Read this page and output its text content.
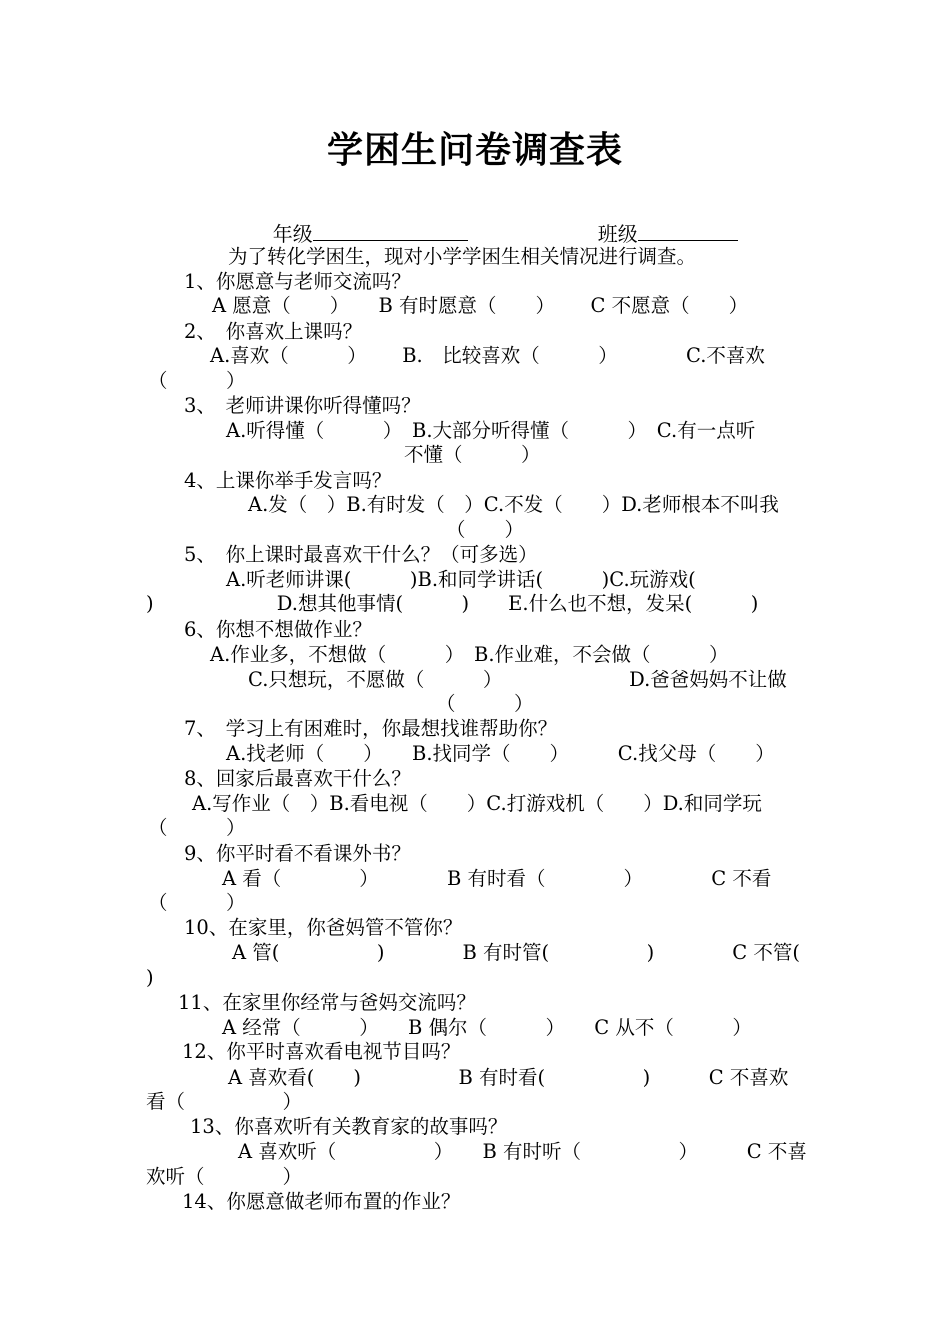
学困生问卷调查表

年级	班级

为了转化学困生，现对小学学困生相关情况进行调查。
1、你愿意与老师交流吗？
A 愿意（　　）　　B 有时愿意（　　）　　 C 不愿意（　　）
2、　你喜欢上课吗？
A.喜欢（　　　）　　 B.　比较喜欢（　　　）　　　　C.不喜欢
（　　　）
3、　老师讲课你听得懂吗？
A.听得懂（　　　）　B.大部分听得懂（　　　）　C.有一点听
不懂（　　　）
4、上课你举手发言吗？
A.发（　）B.有时发（　）C.不发（　　）D.老师根本不叫我
（　　）
5、　你上课时最喜欢干什么？（可多选）
A.听老师讲课(　　　)B.和同学讲话(　　　)C.玩游戏(
)　　　　　　 D.想其他事情(　　　)　　E.什么也不想，发呆(　　　)
6、你想不想做作业？
A.作业多，不想做（　　　）　B.作业难，不会做（　　　）
C.只想玩，不愿做（　　　）　　　　　　　D.爸爸妈妈不让做
（　　　）
7、　学习上有困难时，你最想找谁帮助你？
A.找老师（　　）　　B.找同学（　　）　　　C.找父母（　　）
8、回家后最喜欢干什么？
A.写作业（　）B.看电视（　　）C.打游戏机（　　）D.和同学玩
（　　　）
9、你平时看不看课外书？
A 看（　　　　）　　　　B 有时看（　　　　）　　　　C 不看
（　　　）
10、在家里，你爸妈管不管你？
A 管(　　　　　)　　　　B 有时管(　　　　　)　　　　C 不管(
)
11、在家里你经常与爸妈交流吗？
A 经常（　　　）　　B 偶尔（　　　）　　C 从不（　　　）
12、你平时喜欢看电视节目吗？
A 喜欢看(　　)　　　　　B 有时看(　　　　　)　　　C 不喜欢
看（　　　　　）
13、你喜欢听有关教育家的故事吗？
A 喜欢听（　　　　　）　　B 有时听（　　　　　）　　　C 不喜
欢听（　　　　）
14、你愿意做老师布置的作业？
